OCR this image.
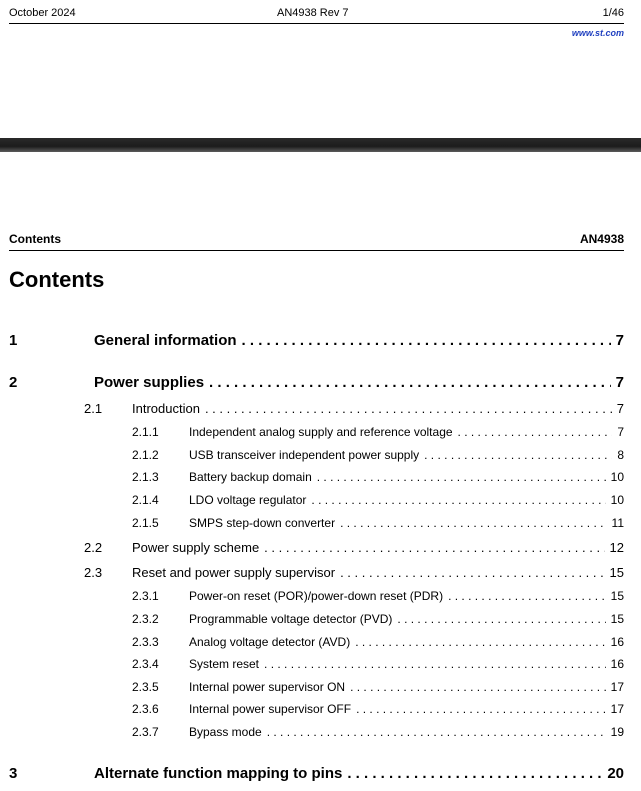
October 2024	AN4938 Rev 7	1/46
www.st.com
Contents	AN4938
Contents
1	General information . . .	7
2	Power supplies . . .	7
2.1 Introduction . . .	7
2.1.1	Independent analog supply and reference voltage . . .	7
2.1.2	USB transceiver independent power supply . . .	8
2.1.3	Battery backup domain . . .	10
2.1.4	LDO voltage regulator . . .	10
2.1.5	SMPS step-down converter . . .	11
2.2 Power supply scheme . . .	12
2.3 Reset and power supply supervisor . . .	15
2.3.1	Power-on reset (POR)/power-down reset (PDR) . . .	15
2.3.2	Programmable voltage detector (PVD) . . .	15
2.3.3	Analog voltage detector (AVD) . . .	16
2.3.4	System reset . . .	16
2.3.5	Internal power supervisor ON . . .	17
2.3.6	Internal power supervisor OFF . . .	17
2.3.7	Bypass mode . . .	19
3	Alternate function mapping to pins . . .	20
